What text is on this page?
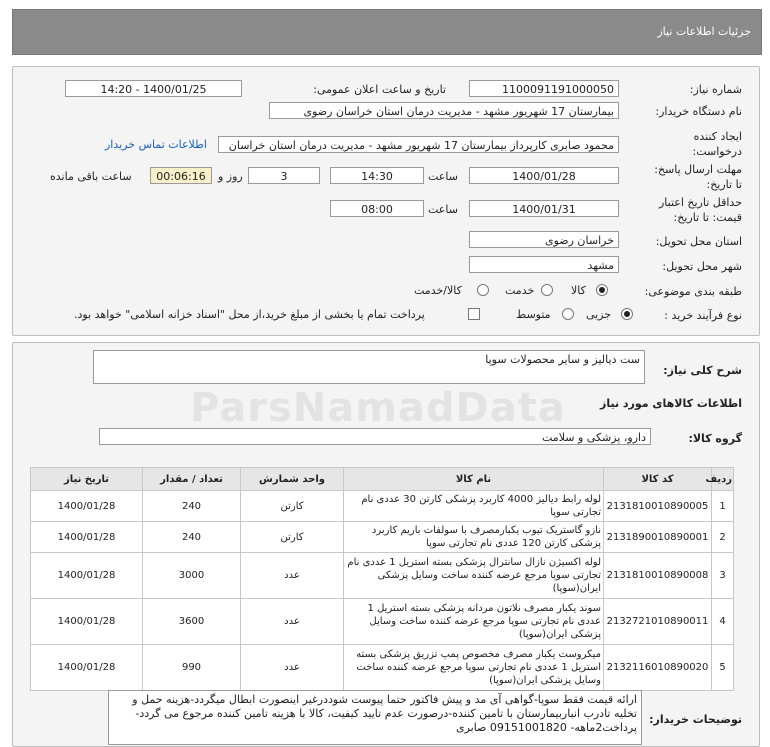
جزئیات اطلاعات نیاز
شماره نیاز:
1100091191000050
تاریخ و ساعت اعلان عمومی:
1400/01/25 - 14:20
نام دستگاه خریدار:
بیمارستان 17 شهریور مشهد - مدیریت درمان استان خراسان رضوی
ایجاد کننده
درخواست:
محمود صابری کارپرداز بیمارستان 17 شهریور مشهد - مدیریت درمان استان خراسان
اطلاعات تماس خریدار
مهلت ارسال پاسخ:
تا تاریخ:
1400/01/28
ساعت
14:30
3
روز و
00:06:16
ساعت باقی مانده
حداقل تاریخ اعتبار
قیمت: تا تاریخ:
1400/01/31
ساعت
08:00
استان محل تحویل:
خراسان رضوی
شهر محل تحویل:
مشهد
طبقه بندی موضوعی:
کالا
خدمت
کالا/خدمت
نوع فرآیند خرید :
جزیی
متوسط
پرداخت تمام یا بخشی از مبلغ خرید،از محل "اسناد خزانه اسلامی" خواهد بود.
شرح کلی نیاز:
ست دیالیز و سایر محصولات سوپا
اطلاعات کالاهای مورد نیاز
گروه کالا:
دارو، پزشکی و سلامت
ردیف	کد کالا	نام کالا	واحد شمارش	تعداد / مقدار	تاریخ نیاز
1	2131810010890005	لوله رابط دیالیز 4000 کاربرد پزشکی کارتن 30 عددی نام تجارتی سوپا	کارتن	240	1400/01/28
2	2131890010890001	نازو گاستریک تیوب یکبارمصرف با سولفات باریم کاربرد پزشکی کارتن 120 عددی نام تجارتی سوپا	کارتن	240	1400/01/28
3	2131810010890008	لوله اکسیژن نازال سانترال پزشکی بسته استریل 1 عددی نام تجارتی سوپا مرجع عرضه کننده ساخت وسایل پزشکی ایران(سوپا)	عدد	3000	1400/01/28
4	2132721010890011	سوند یکبار مصرف نلاتون مردانه پزشکی بسته استریل 1 عددی نام تجارتی سوپا مرجع عرضه کننده ساخت وسایل پزشکی ایران(سوپا)	عدد	3600	1400/01/28
5	2132116010890020	میکروست یکبار مصرف مخصوص پمپ تزریق پزشکی بسته استریل 1 عددی نام تجارتی سوپا مرجع عرضه کننده ساخت وسایل پزشکی ایران(سوپا)	عدد	990	1400/01/28
توضیحات خریدار:
ارائه قیمت فقط سوپا-گواهی آی مد و پیش فاکتور حتما پیوست شوددرغیر اینصورت ابطال میگردد-هزینه حمل و تخلیه تادرب انباربیمارستان با تامین کننده-درصورت عدم تایید کیفیت، کالا با هزینه تامین کننده مرجوع می گردد-پرداخت2ماهه- 09151001820 صابری
